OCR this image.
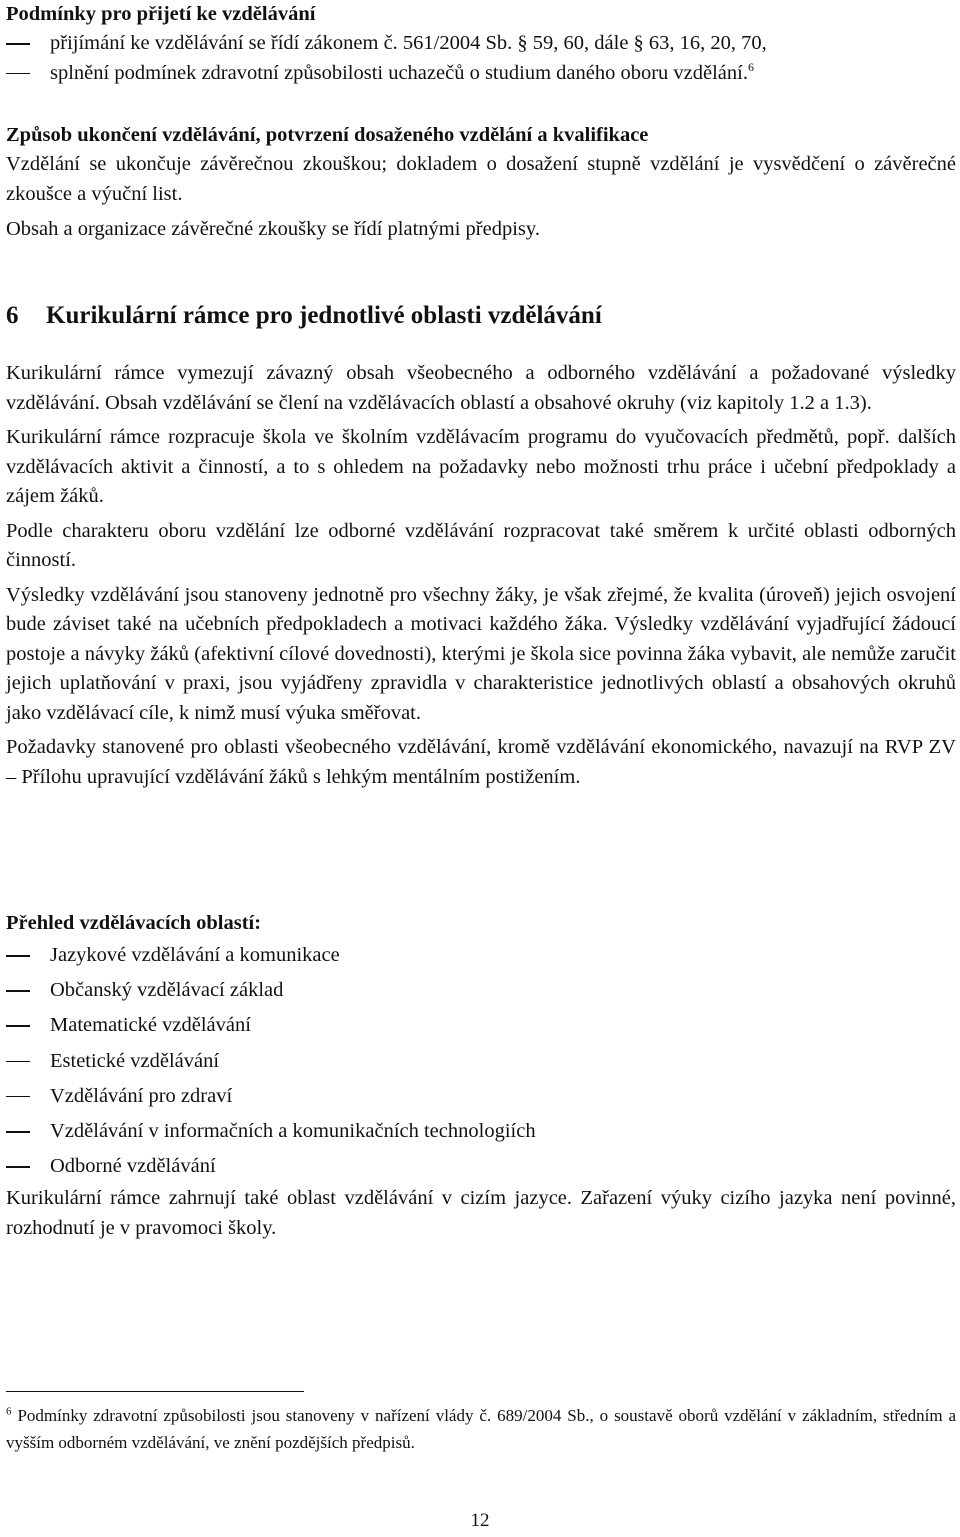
Podmínky pro přijetí ke vzdělávání
přijímání ke vzdělávání se řídí zákonem č. 561/2004 Sb. § 59, 60, dále § 63, 16, 20, 70,
splnění podmínek zdravotní způsobilosti uchazečů o studium daného oboru vzdělání.$^6$
Způsob ukončení vzdělávání, potvrzení dosaženého vzdělání a kvalifikace

Vzdělání se ukončuje závěrečnou zkouškou; dokladem o dosažení stupně vzdělání je vysvědčení o závěrečné zkoušce a výuční list.

Obsah a organizace závěrečné zkoušky se řídí platnými předpisy.

6 Kurikulární rámce pro jednotlivé oblasti vzdělávání

Kurikulární rámce vymezují závazný obsah všeobecného a odborného vzdělávání a požadované výsledky vzdělávání. Obsah vzdělávání se člení na vzdělávacích oblastí a obsahové okruhy (viz kapitoly 1.2 a 1.3).

Kurikulární rámce rozpracuje škola ve školním vzdělávacím programu do vyučovacích předmětů, popř. dalších vzdělávacích aktivit a činností, a to s ohledem na požadavky nebo možnosti trhu práce i učební předpoklady a zájem žáků.

Podle charakteru oboru vzdělání lze odborné vzdělávání rozpracovat také směrem k určité oblasti odborných činností.

Výsledky vzdělávání jsou stanoveny jednotně pro všechny žáky, je však zřejmé, že kvalita (úroveň) jejich osvojení bude záviset také na učebních předpokladech a motivaci každého žáka. Výsledky vzdělávání vyjadřující žádoucí postoje a návyky žáků (afektivní cílové dovednosti), kterými je škola sice povinna žáka vybavit, ale nemůže zaručit jejich uplatňování v praxi, jsou vyjádřeny zpravidla v charakteristice jednotlivých oblastí a obsahových okruhů jako vzdělávací cíle, k nimž musí výuka směřovat.

Požadavky stanovené pro oblasti všeobecného vzdělávání, kromě vzdělávání ekonomického, navazují na RVP ZV – Přílohu upravující vzdělávání žáků s lehkým mentálním postižením.

Přehled vzdělávacích oblastí:
Jazykové vzdělávání a komunikace
Občanský vzdělávací základ
Matematické vzdělávání
Estetické vzdělávání
Vzdělávání pro zdraví
Vzdělávání v informačních a komunikačních technologiích
Odborné vzdělávání

Kurikulární rámce zahrnují také oblast vzdělávání v cizím jazyce. Zařazení výuky cizího jazyka není povinné, rozhodnutí je v pravomoci školy.

$^6$ Podmínky zdravotní způsobilosti jsou stanoveny v nařízení vlády č. 689/2004 Sb., o soustavě oborů vzdělání v základním, středním a vyšším odborném vzdělávání, ve znění pozdějších předpisů.
12
